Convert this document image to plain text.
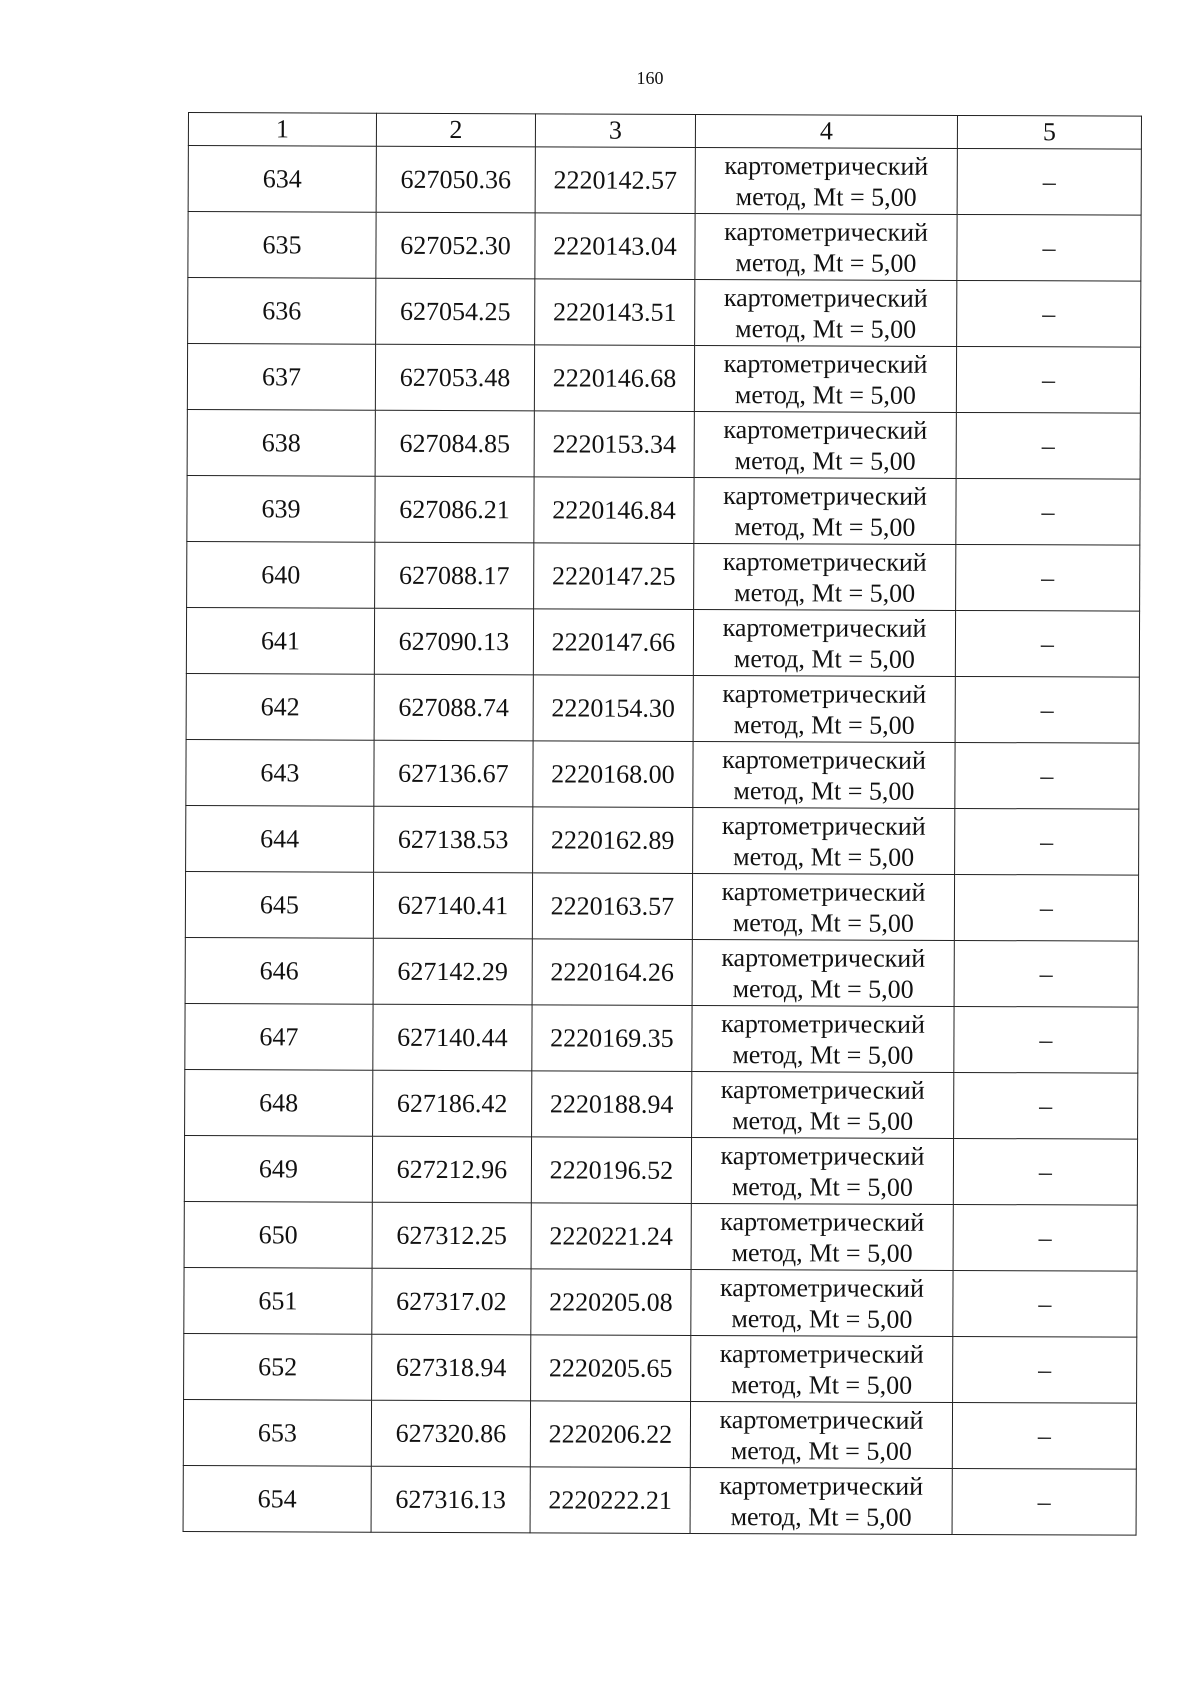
160
1	2	3	4	5
634	627050.36	2220142.57	картометрический метод, Mt = 5,00	–
635	627052.30	2220143.04	картометрический метод, Mt = 5,00	–
636	627054.25	2220143.51	картометрический метод, Mt = 5,00	–
637	627053.48	2220146.68	картометрический метод, Mt = 5,00	–
638	627084.85	2220153.34	картометрический метод, Mt = 5,00	–
639	627086.21	2220146.84	картометрический метод, Mt = 5,00	–
640	627088.17	2220147.25	картометрический метод, Mt = 5,00	–
641	627090.13	2220147.66	картометрический метод, Mt = 5,00	–
642	627088.74	2220154.30	картометрический метод, Mt = 5,00	–
643	627136.67	2220168.00	картометрический метод, Mt = 5,00	–
644	627138.53	2220162.89	картометрический метод, Mt = 5,00	–
645	627140.41	2220163.57	картометрический метод, Mt = 5,00	–
646	627142.29	2220164.26	картометрический метод, Mt = 5,00	–
647	627140.44	2220169.35	картометрический метод, Mt = 5,00	–
648	627186.42	2220188.94	картометрический метод, Mt = 5,00	–
649	627212.96	2220196.52	картометрический метод, Mt = 5,00	–
650	627312.25	2220221.24	картометрический метод, Mt = 5,00	–
651	627317.02	2220205.08	картометрический метод, Mt = 5,00	–
652	627318.94	2220205.65	картометрический метод, Mt = 5,00	–
653	627320.86	2220206.22	картометрический метод, Mt = 5,00	–
654	627316.13	2220222.21	картометрический метод, Mt = 5,00	–
